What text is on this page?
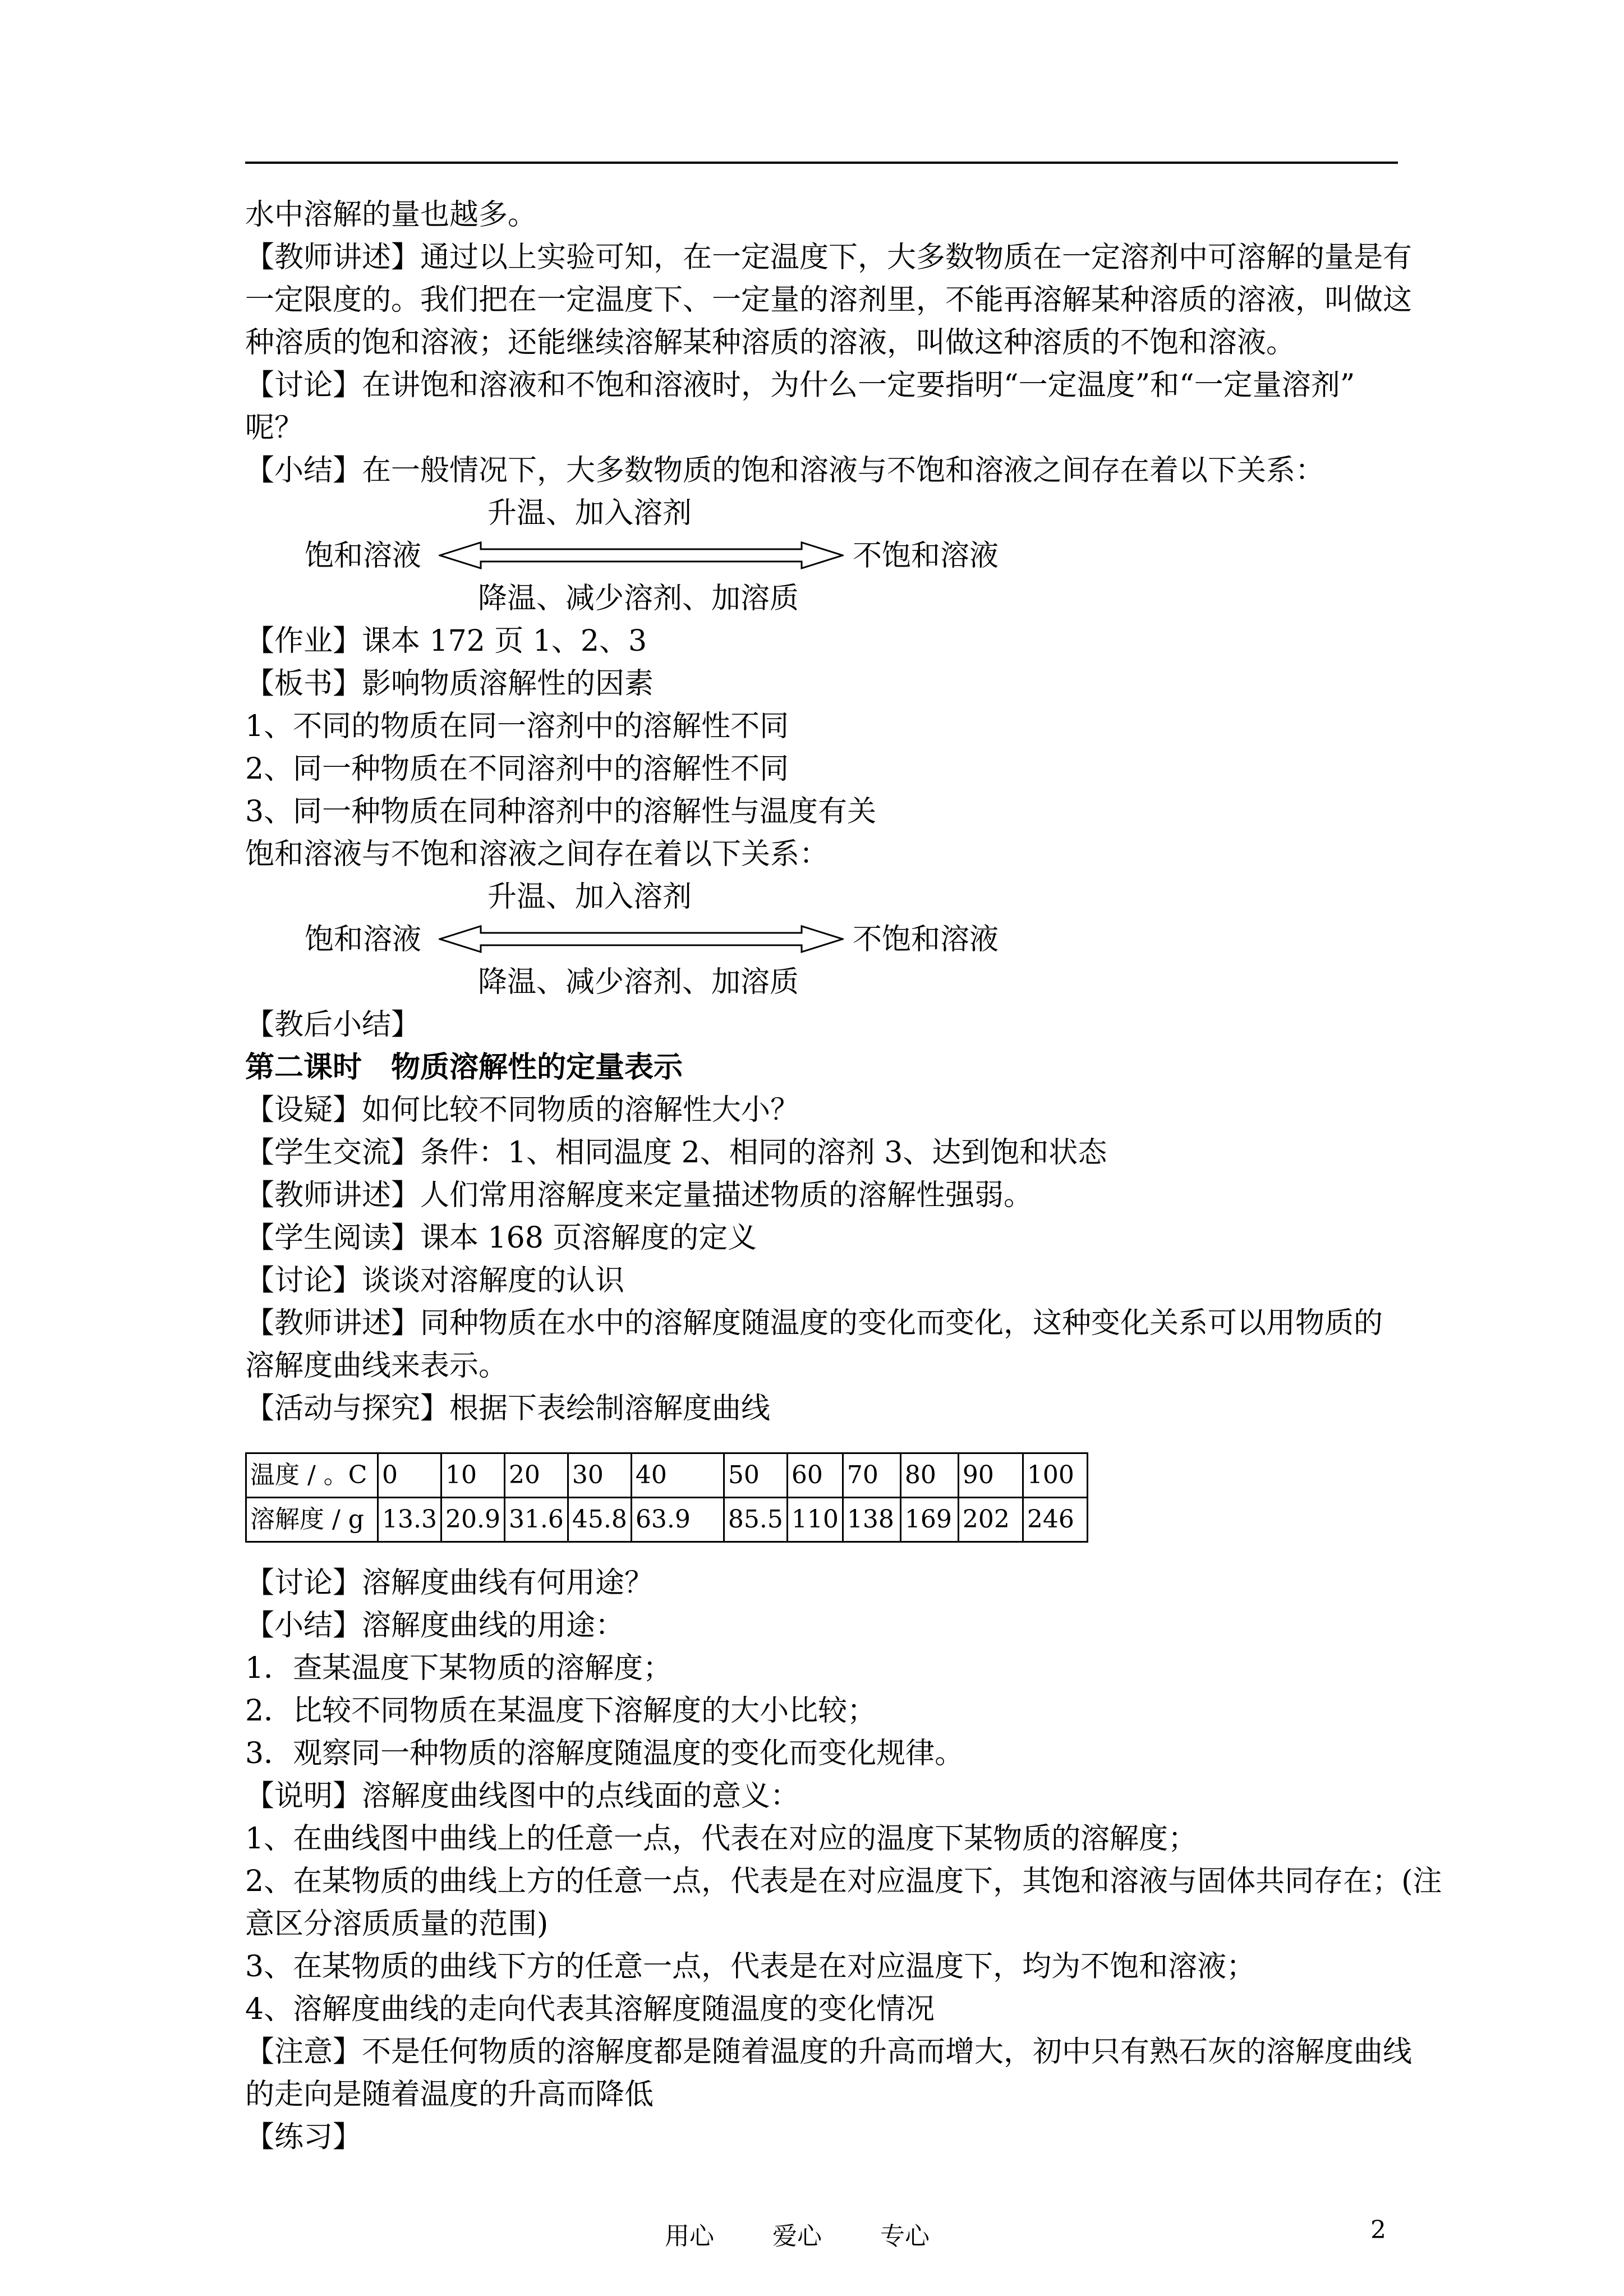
水中溶解的量也越多。
【教师讲述】通过以上实验可知，在一定温度下，大多数物质在一定溶剂中可溶解的量是有
一定限度的。我们把在一定温度下、一定量的溶剂里，不能再溶解某种溶质的溶液，叫做这
种溶质的饱和溶液；还能继续溶解某种溶质的溶液，叫做这种溶质的不饱和溶液。
【讨论】在讲饱和溶液和不饱和溶液时，为什么一定要指明“一定温度”和“一定量溶剂”
呢？
【小结】在一般情况下，大多数物质的饱和溶液与不饱和溶液之间存在着以下关系：
升温、加入溶剂
饱和溶液	不饱和溶液
降温、减少溶剂、加溶质
【作业】课本 172 页 1、2、3
【板书】影响物质溶解性的因素
1、不同的物质在同一溶剂中的溶解性不同
2、同一种物质在不同溶剂中的溶解性不同
3、同一种物质在同种溶剂中的溶解性与温度有关
饱和溶液与不饱和溶液之间存在着以下关系：
升温、加入溶剂
饱和溶液	不饱和溶液
降温、减少溶剂、加溶质
【教后小结】
第二课时　物质溶解性的定量表示
【设疑】如何比较不同物质的溶解性大小？
【学生交流】条件：1、相同温度 2、相同的溶剂 3、达到饱和状态
【教师讲述】人们常用溶解度来定量描述物质的溶解性强弱。
【学生阅读】课本 168 页溶解度的定义
【讨论】谈谈对溶解度的认识
【教师讲述】同种物质在水中的溶解度随温度的变化而变化，这种变化关系可以用物质的
溶解度曲线来表示。
【活动与探究】根据下表绘制溶解度曲线
温度 / 。C	0	10	20	30	40	50	60	70	80	90	100
溶解度 / g	13.3	20.9	31.6	45.8	63.9	85.5	110	138	169	202	246
【讨论】溶解度曲线有何用途？
【小结】溶解度曲线的用途：
1．查某温度下某物质的溶解度；
2．比较不同物质在某温度下溶解度的大小比较；
3．观察同一种物质的溶解度随温度的变化而变化规律。
【说明】溶解度曲线图中的点线面的意义：
1、在曲线图中曲线上的任意一点，代表在对应的温度下某物质的溶解度；
2、在某物质的曲线上方的任意一点，代表是在对应温度下，其饱和溶液与固体共同存在；(注
意区分溶质质量的范围)
3、在某物质的曲线下方的任意一点，代表是在对应温度下，均为不饱和溶液；
4、溶解度曲线的走向代表其溶解度随温度的变化情况
【注意】不是任何物质的溶解度都是随着温度的升高而增大，初中只有熟石灰的溶解度曲线
的走向是随着温度的升高而降低
【练习】
用心 爱心 专心	2
